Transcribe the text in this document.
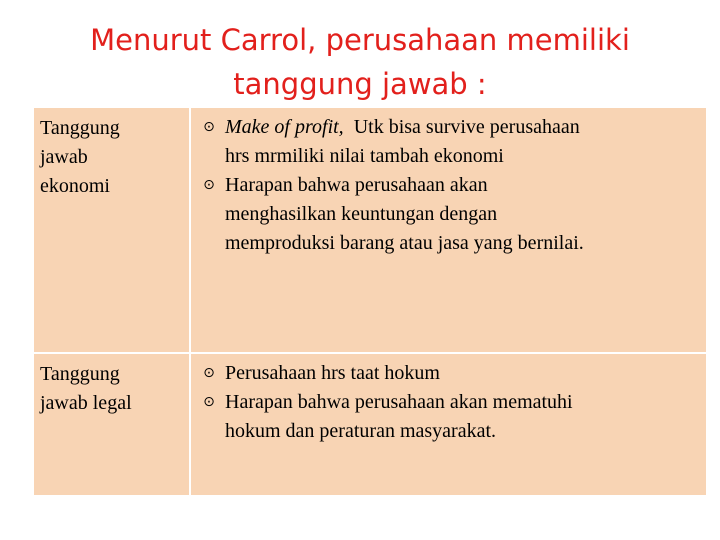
Menurut Carrol, perusahaan memiliki
tanggung jawab :
Tanggung
jawab
ekonomi
⊙ Make of profit, Utk bisa survive perusahaan
hrs mrmiliki nilai tambah ekonomi
⊙ Harapan bahwa perusahaan akan
menghasilkan keuntungan dengan
memproduksi barang atau jasa yang bernilai.
Tanggung
jawab legal
⊙ Perusahaan hrs taat hokum
⊙ Harapan bahwa perusahaan akan mematuhi
hokum dan peraturan masyarakat.
